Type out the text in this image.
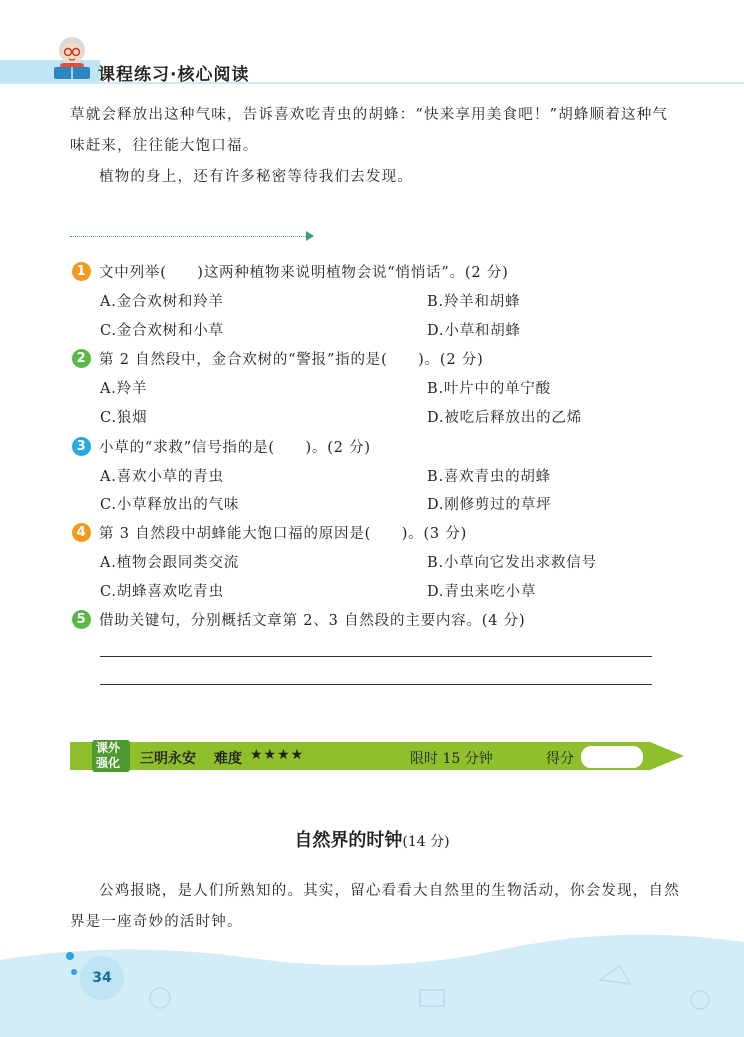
课程练习·核心阅读

草就会释放出这种气味，告诉喜欢吃青虫的胡蜂：“快来享用美食吧！”胡蜂顺着这种气味赶来，往往能大饱口福。

植物的身上，还有许多秘密等待我们去发现。

1 文中列举(　　)这两种植物来说明植物会说“悄悄话”。(2 分)
A.金合欢树和羚羊	B.羚羊和胡蜂
C.金合欢树和小草	D.小草和胡蜂
2 第 2 自然段中，金合欢树的“警报”指的是(　　)。(2 分)
A.羚羊	B.叶片中的单宁酸
C.狼烟	D.被吃后释放出的乙烯
3 小草的“求救”信号指的是(　　)。(2 分)
A.喜欢小草的青虫	B.喜欢青虫的胡蜂
C.小草释放出的气味	D.刚修剪过的草坪
4 第 3 自然段中胡蜂能大饱口福的原因是(　　)。(3 分)
A.植物会跟同类交流	B.小草向它发出求救信号
C.胡蜂喜欢吃青虫	D.青虫来吃小草
5 借助关键句，分别概括文章第 2、3 自然段的主要内容。(4 分)
课外
强化 三明永安 难度 ★★★★	限时 15 分钟	得分
自然界的时钟(14 分)

公鸡报晓，是人们所熟知的。其实，留心看看大自然里的生物活动，你会发现，自然界是一座奇妙的活时钟。

34
